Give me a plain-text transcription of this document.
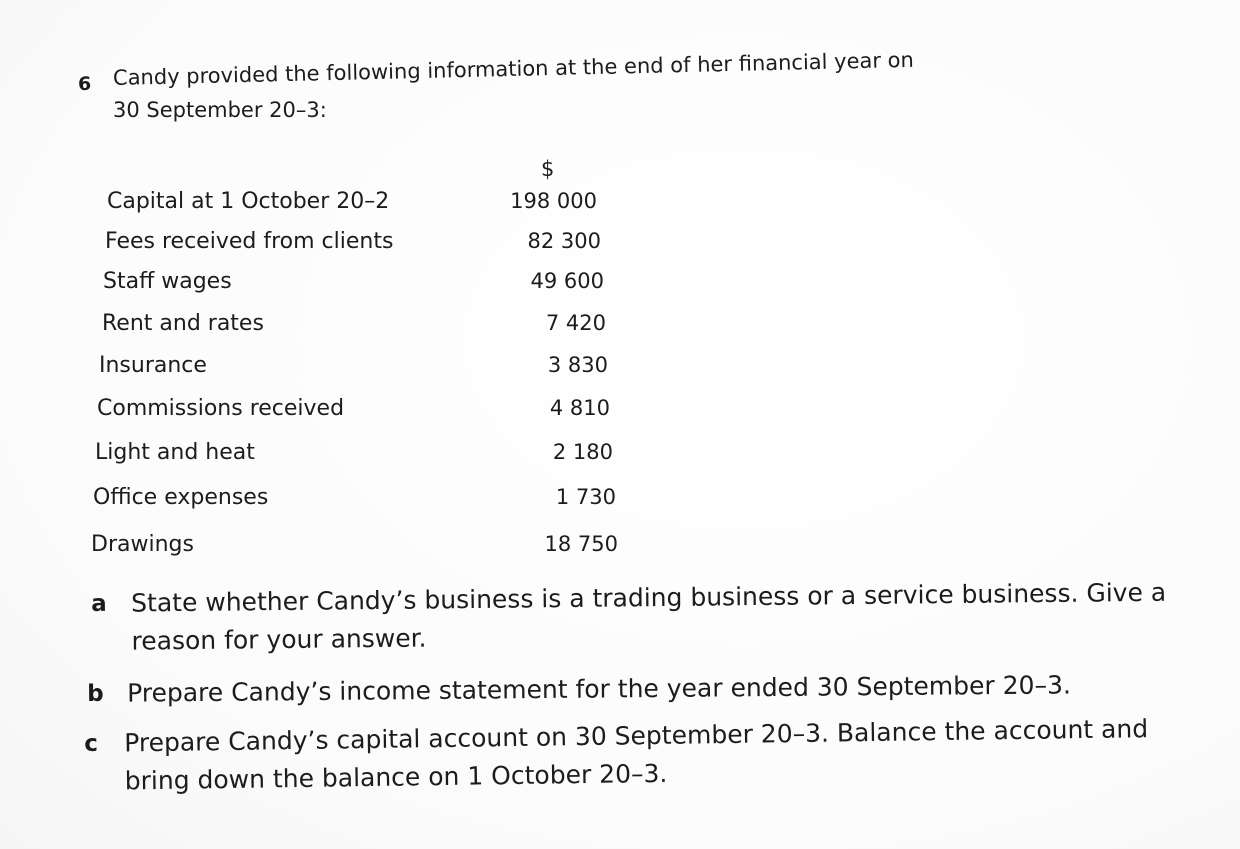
6 Candy provided the following information at the end of her financial year on
30 September 20–3:
$
Capital at 1 October 20–2	198 000
Fees received from clients	82 300
Staff wages	49 600
Rent and rates	7 420
Insurance	3 830
Commissions received	4 810
Light and heat	2 180
Office expenses	1 730
Drawings	18 750
a State whether Candy’s business is a trading business or a service business. Give a
reason for your answer.
b Prepare Candy’s income statement for the year ended 30 September 20–3.
c Prepare Candy’s capital account on 30 September 20–3. Balance the account and
bring down the balance on 1 October 20–3.
